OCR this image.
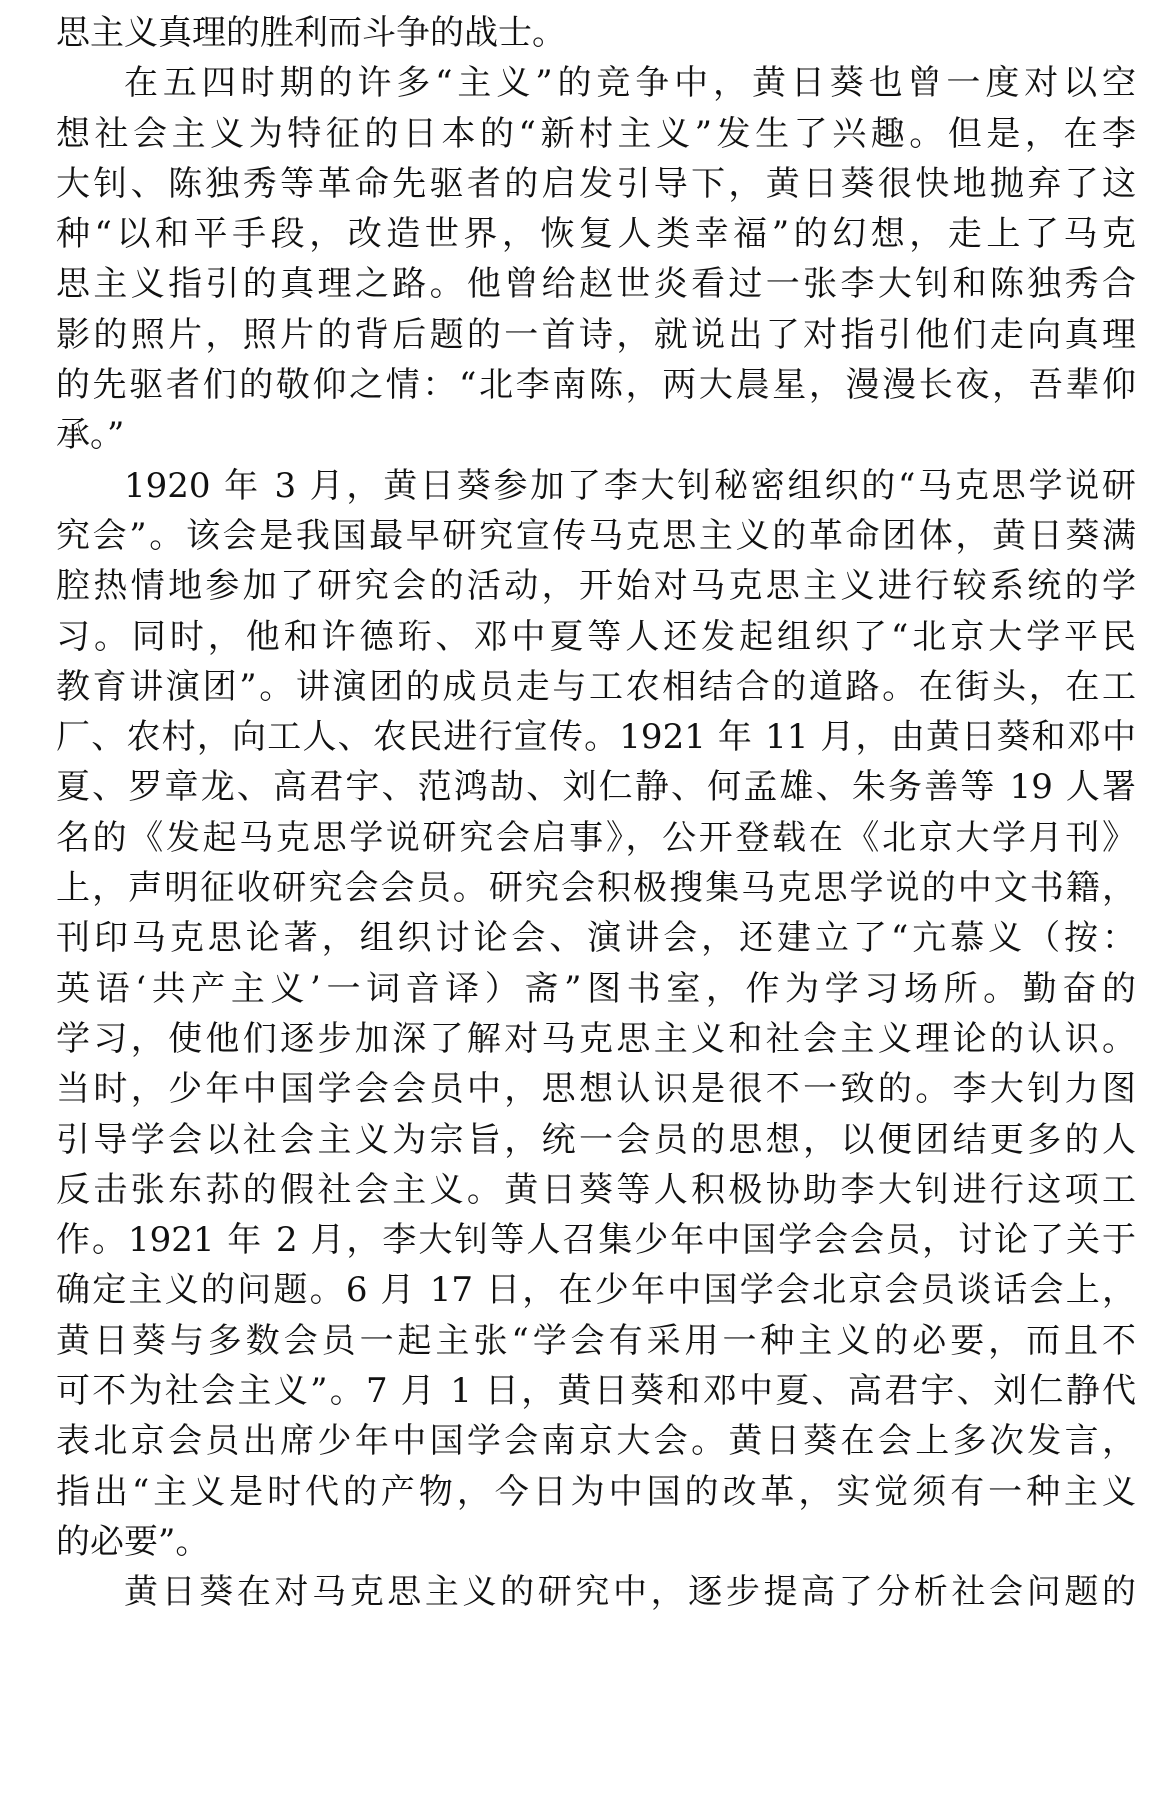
思主义真理的胜利而斗争的战士。
在五四时期的许多“主义”的竞争中，黄日葵也曾一度对以空
想社会主义为特征的日本的“新村主义”发生了兴趣。但是，在李
大钊、陈独秀等革命先驱者的启发引导下，黄日葵很快地抛弃了这
种“以和平手段，改造世界，恢复人类幸福”的幻想，走上了马克
思主义指引的真理之路。他曾给赵世炎看过一张李大钊和陈独秀合
影的照片，照片的背后题的一首诗，就说出了对指引他们走向真理
的先驱者们的敬仰之情：“北李南陈，两大晨星，漫漫长夜，吾辈仰
承。”
1920 年 3 月，黄日葵参加了李大钊秘密组织的“马克思学说研
究会”。该会是我国最早研究宣传马克思主义的革命团体，黄日葵满
腔热情地参加了研究会的活动，开始对马克思主义进行较系统的学
习。同时，他和许德珩、邓中夏等人还发起组织了“北京大学平民
教育讲演团”。讲演团的成员走与工农相结合的道路。在街头，在工
厂、农村，向工人、农民进行宣传。1921 年 11 月，由黄日葵和邓中
夏、罗章龙、高君宇、范鸿劼、刘仁静、何孟雄、朱务善等 19 人署
名的《发起马克思学说研究会启事》，公开登载在《北京大学月刊》
上，声明征收研究会会员。研究会积极搜集马克思学说的中文书籍，
刊印马克思论著，组织讨论会、演讲会，还建立了“亢慕义（按：
英语‘共产主义’一词音译）斋”图书室，作为学习场所。勤奋的
学习，使他们逐步加深了解对马克思主义和社会主义理论的认识。
当时，少年中国学会会员中，思想认识是很不一致的。李大钊力图
引导学会以社会主义为宗旨，统一会员的思想，以便团结更多的人
反击张东荪的假社会主义。黄日葵等人积极协助李大钊进行这项工
作。1921 年 2 月，李大钊等人召集少年中国学会会员，讨论了关于
确定主义的问题。6 月 17 日，在少年中国学会北京会员谈话会上，
黄日葵与多数会员一起主张“学会有采用一种主义的必要，而且不
可不为社会主义”。7 月 1 日，黄日葵和邓中夏、高君宇、刘仁静代
表北京会员出席少年中国学会南京大会。黄日葵在会上多次发言，
指出“主义是时代的产物，今日为中国的改革，实觉须有一种主义
的必要”。
黄日葵在对马克思主义的研究中，逐步提高了分析社会问题的
